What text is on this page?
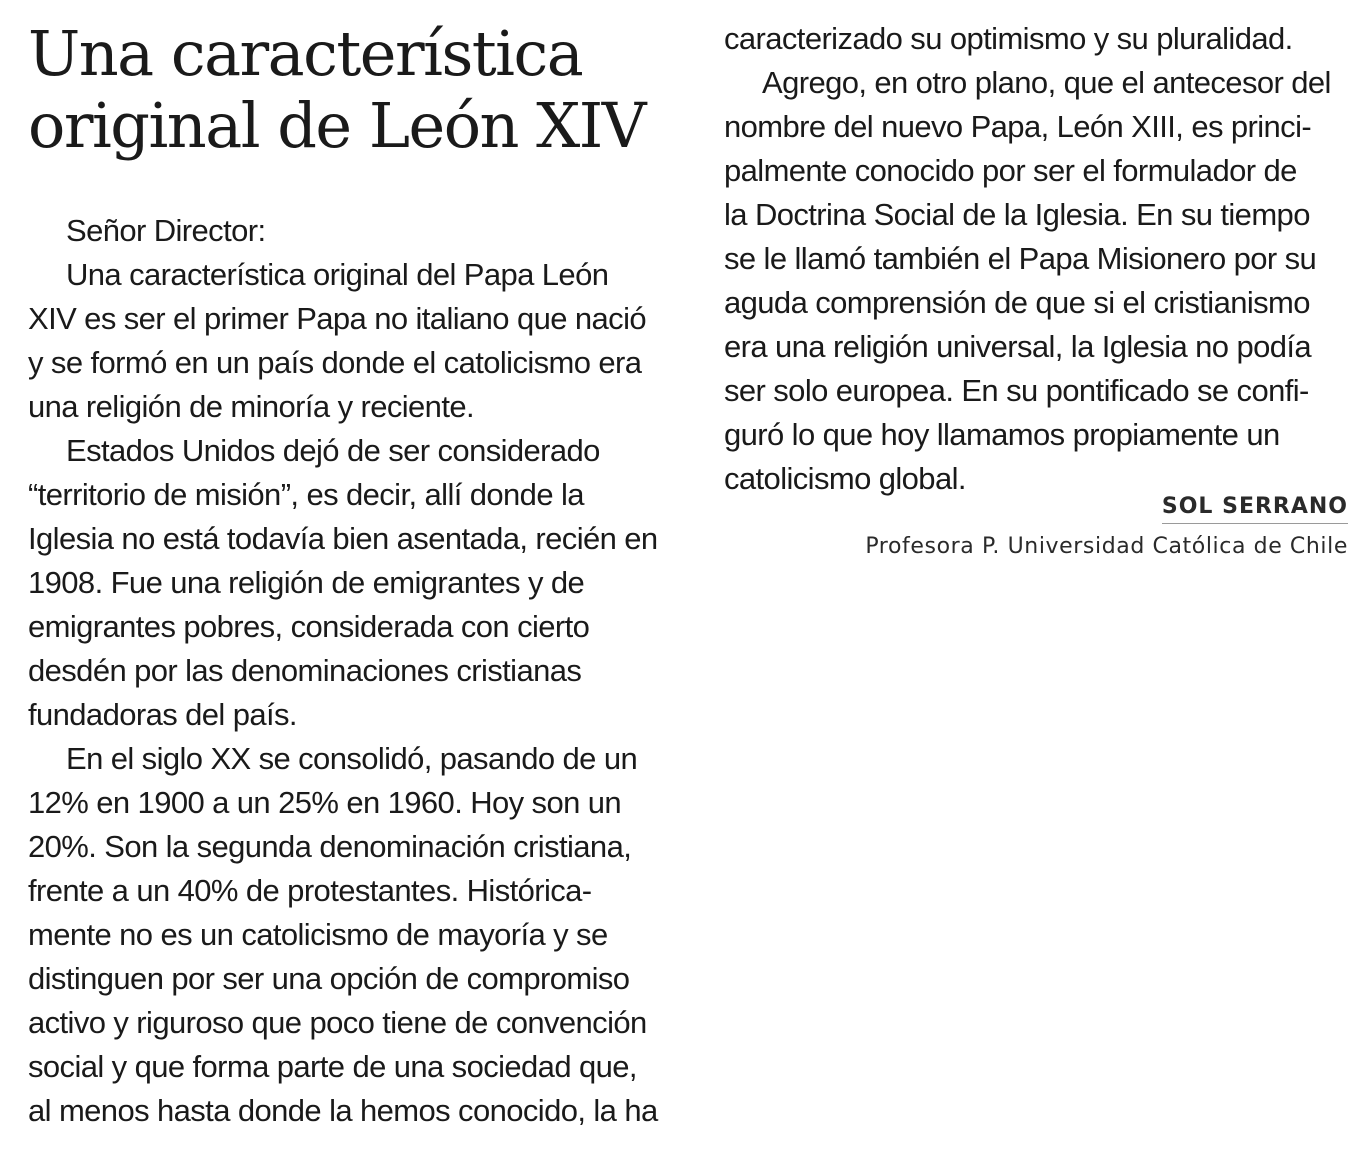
Una característica
original de León XIV
Señor Director:
Una característica original del Papa León
XIV es ser el primer Papa no italiano que nació
y se formó en un país donde el catolicismo era
una religión de minoría y reciente.
Estados Unidos dejó de ser considerado
“territorio de misión”, es decir, allí donde la
Iglesia no está todavía bien asentada, recién en
1908. Fue una religión de emigrantes y de
emigrantes pobres, considerada con cierto
desdén por las denominaciones cristianas
fundadoras del país.
En el siglo XX se consolidó, pasando de un
12% en 1900 a un 25% en 1960. Hoy son un
20%. Son la segunda denominación cristiana,
frente a un 40% de protestantes. Histórica-
mente no es un catolicismo de mayoría y se
distinguen por ser una opción de compromiso
activo y riguroso que poco tiene de convención
social y que forma parte de una sociedad que,
al menos hasta donde la hemos conocido, la ha
caracterizado su optimismo y su pluralidad.
Agrego, en otro plano, que el antecesor del
nombre del nuevo Papa, León XIII, es princi-
palmente conocido por ser el formulador de
la Doctrina Social de la Iglesia. En su tiempo
se le llamó también el Papa Misionero por su
aguda comprensión de que si el cristianismo
era una religión universal, la Iglesia no podía
ser solo europea. En su pontificado se confi-
guró lo que hoy llamamos propiamente un
catolicismo global.
SOL SERRANO
Profesora P. Universidad Católica de Chile
